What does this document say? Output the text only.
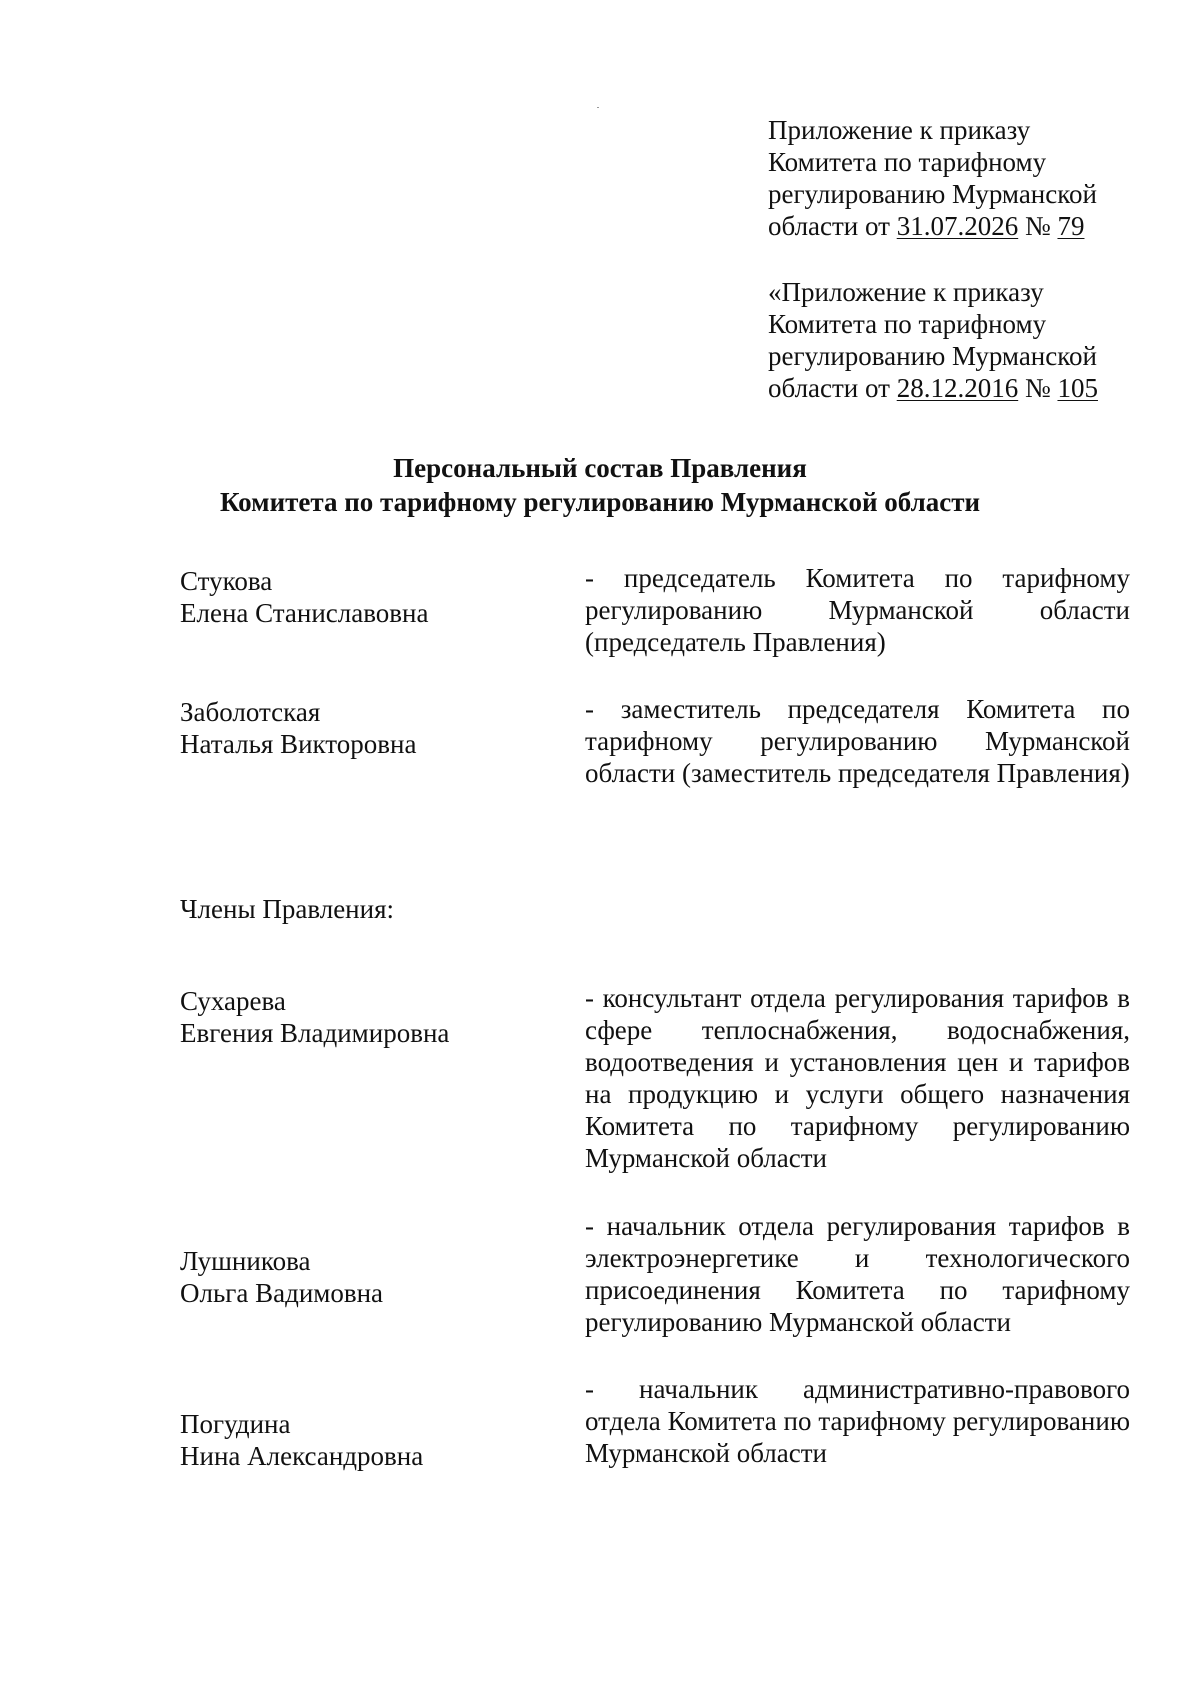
Приложение к приказу
Комитета по тарифному
регулированию Мурманской
области от 31.07.2026 № 79
«Приложение к приказу
Комитета по тарифному
регулированию Мурманской
области от 28.12.2016 № 105
Персональный состав Правления
Комитета по тарифному регулированию Мурманской области
Стукова
Елена Станиславовна
- председатель Комитета по тарифному регулированию Мурманской области (председатель Правления)
Заболотская
Наталья Викторовна
- заместитель председателя Комитета по тарифному регулированию Мурманской области (заместитель председателя Правления)
Члены Правления:
Сухарева
Евгения Владимировна
- консультант отдела регулирования тарифов в сфере теплоснабжения, водоснабжения, водоотведения и установления цен и тарифов на продукцию и услуги общего назначения Комитета по тарифному регулированию Мурманской области
Лушникова
Ольга Вадимовна
- начальник отдела регулирования тарифов в электроэнергетике и технологического присоединения Комитета по тарифному регулированию Мурманской области
Погудина
Нина Александровна
- начальник административно-правового отдела Комитета по тарифному регулированию Мурманской области
